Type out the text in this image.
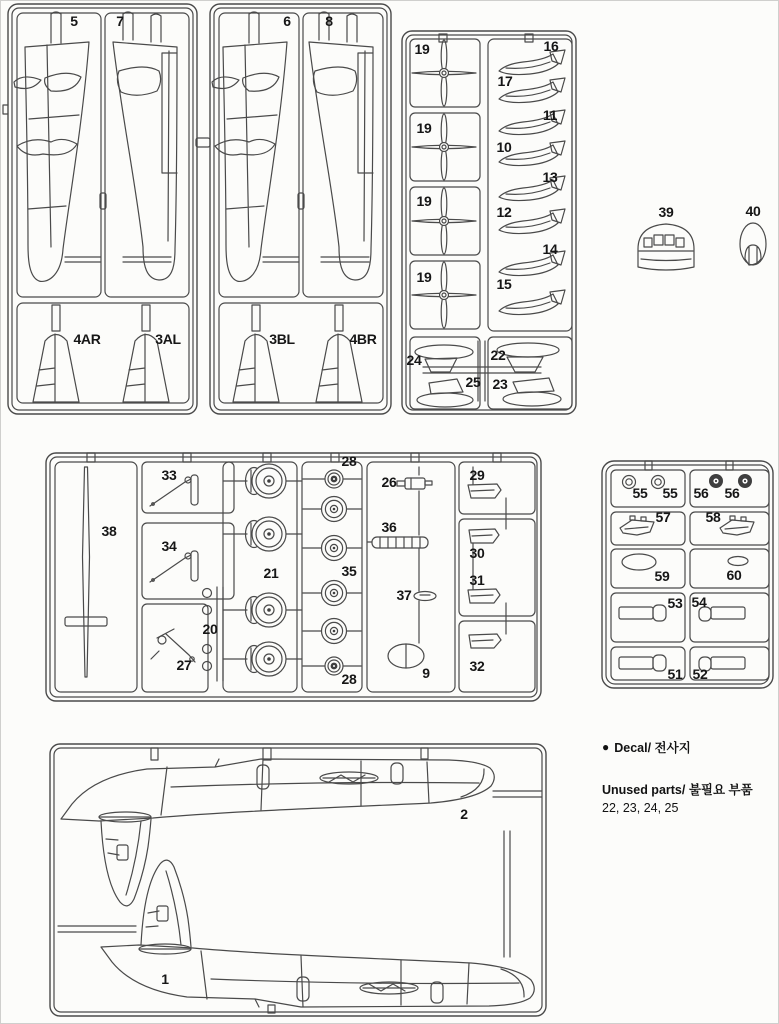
5	7
4AR	3AL
6 8
3BL	4BR
19	16
17
11
10
13
19
12
19
14
15
19
24	22
25 23
39	40
38
33
34
27
20
21
28
35
28
26
36
37
9
29
30
31
32
55 55 56 56
57	58
59	60
53 54
51 52
2
1
● Decal/ 전사지
Unused parts/ 불필요 부품
22, 23, 24, 25
